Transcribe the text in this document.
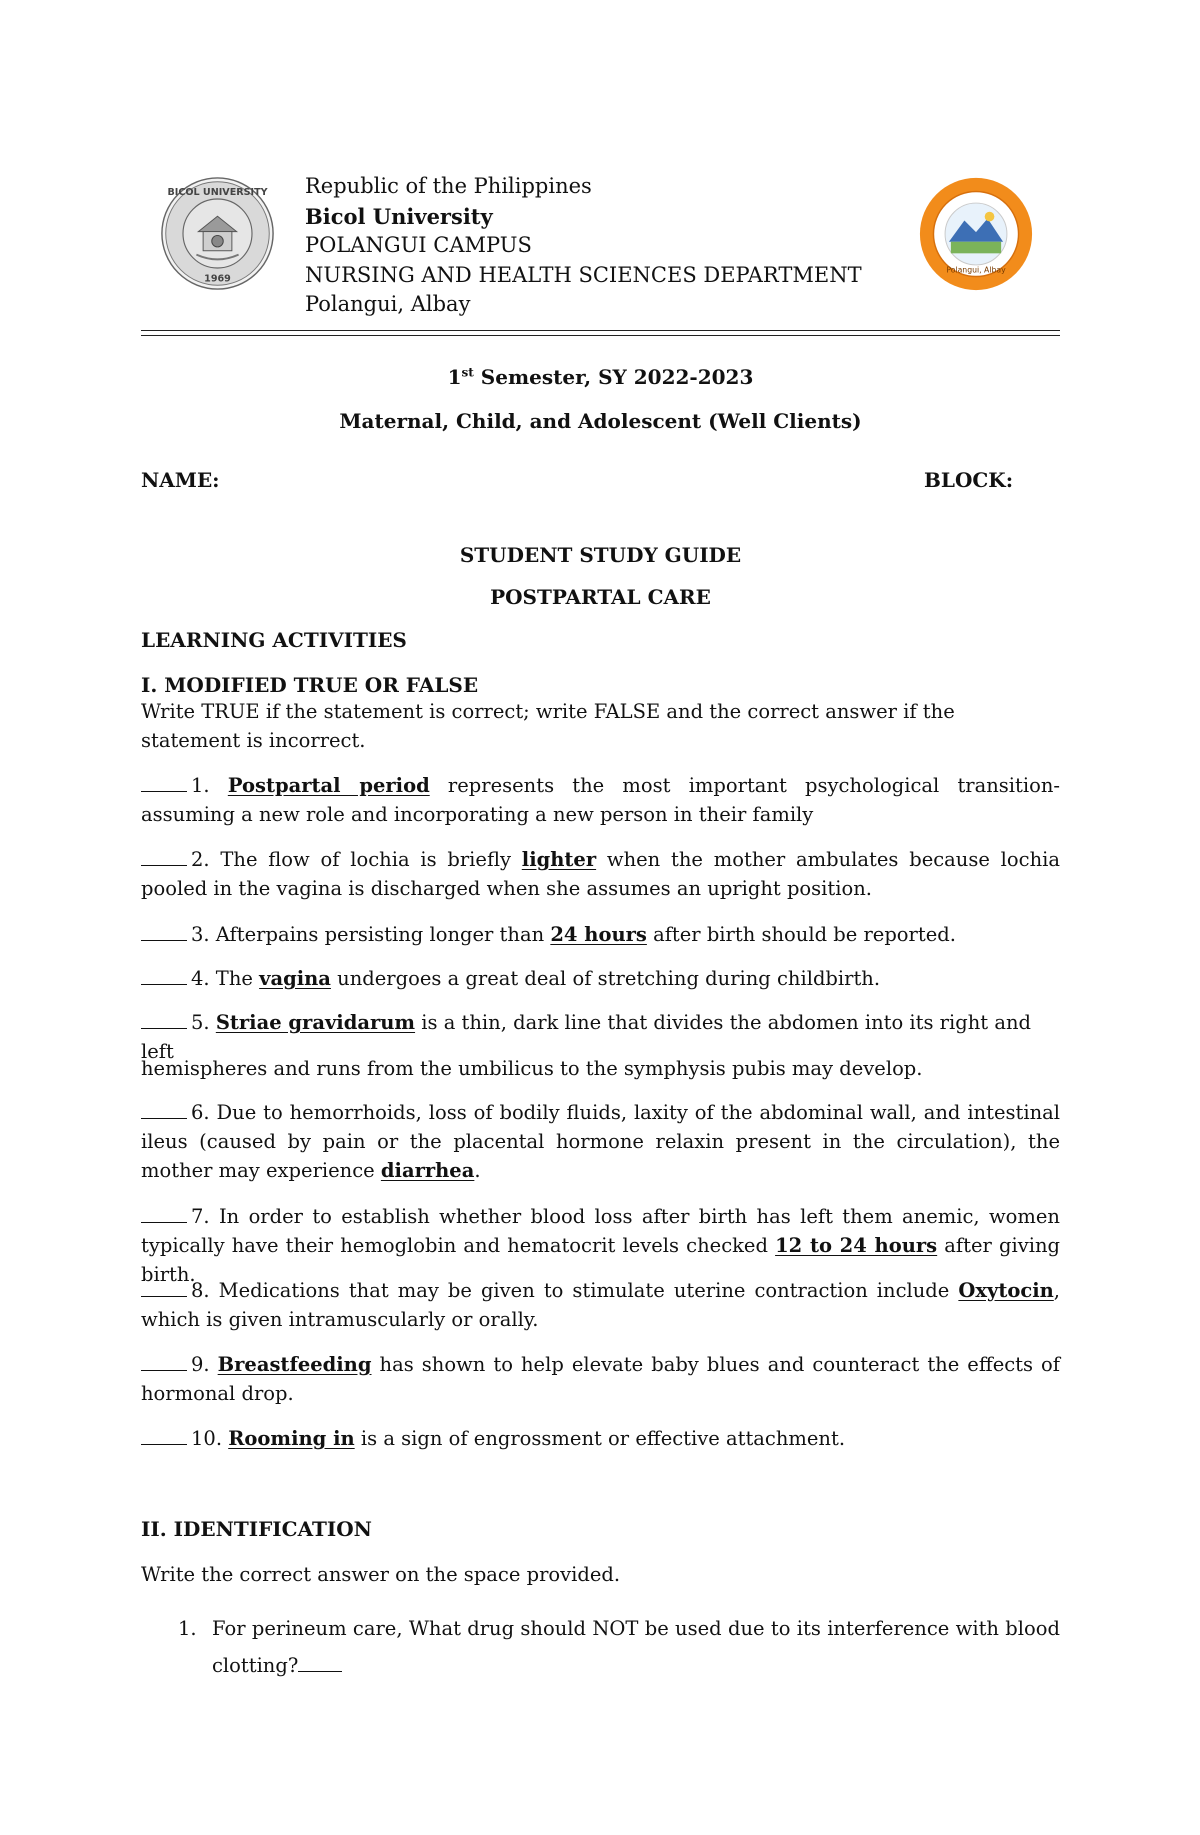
BICOL UNIVERSITY
1969
Republic of the Philippines
Bicol University
POLANGUI CAMPUS
NURSING AND HEALTH SCIENCES DEPARTMENT
Polangui, Albay
Polangui, Albay
1st Semester, SY 2022-2023
Maternal, Child, and Adolescent (Well Clients)
NAME:	BLOCK:
STUDENT STUDY GUIDE
POSTPARTAL CARE
LEARNING ACTIVITIES
I. MODIFIED TRUE OR FALSE
Write TRUE if the statement is correct; write FALSE and the correct answer if the statement is incorrect.
1. Postpartal period represents the most important psychological transition- assuming a new role and incorporating a new person in their family
2. The flow of lochia is briefly lighter when the mother ambulates because lochia pooled in the vagina is discharged when she assumes an upright position.
3. Afterpains persisting longer than 24 hours after birth should be reported.
4. The vagina undergoes a great deal of stretching during childbirth.
5. Striae gravidarum is a thin, dark line that divides the abdomen into its right and left
hemispheres and runs from the umbilicus to the symphysis pubis may develop.
6. Due to hemorrhoids, loss of bodily fluids, laxity of the abdominal wall, and intestinal ileus (caused by pain or the placental hormone relaxin present in the circulation), the mother may experience diarrhea.
7. In order to establish whether blood loss after birth has left them anemic, women typically have their hemoglobin and hematocrit levels checked 12 to 24 hours after giving birth.
8. Medications that may be given to stimulate uterine contraction include Oxytocin, which is given intramuscularly or orally.
9. Breastfeeding has shown to help elevate baby blues and counteract the effects of hormonal drop.
10. Rooming in is a sign of engrossment or effective attachment.
II. IDENTIFICATION
Write the correct answer on the space provided.
1. For perineum care, What drug should NOT be used due to its interference with blood clotting?
